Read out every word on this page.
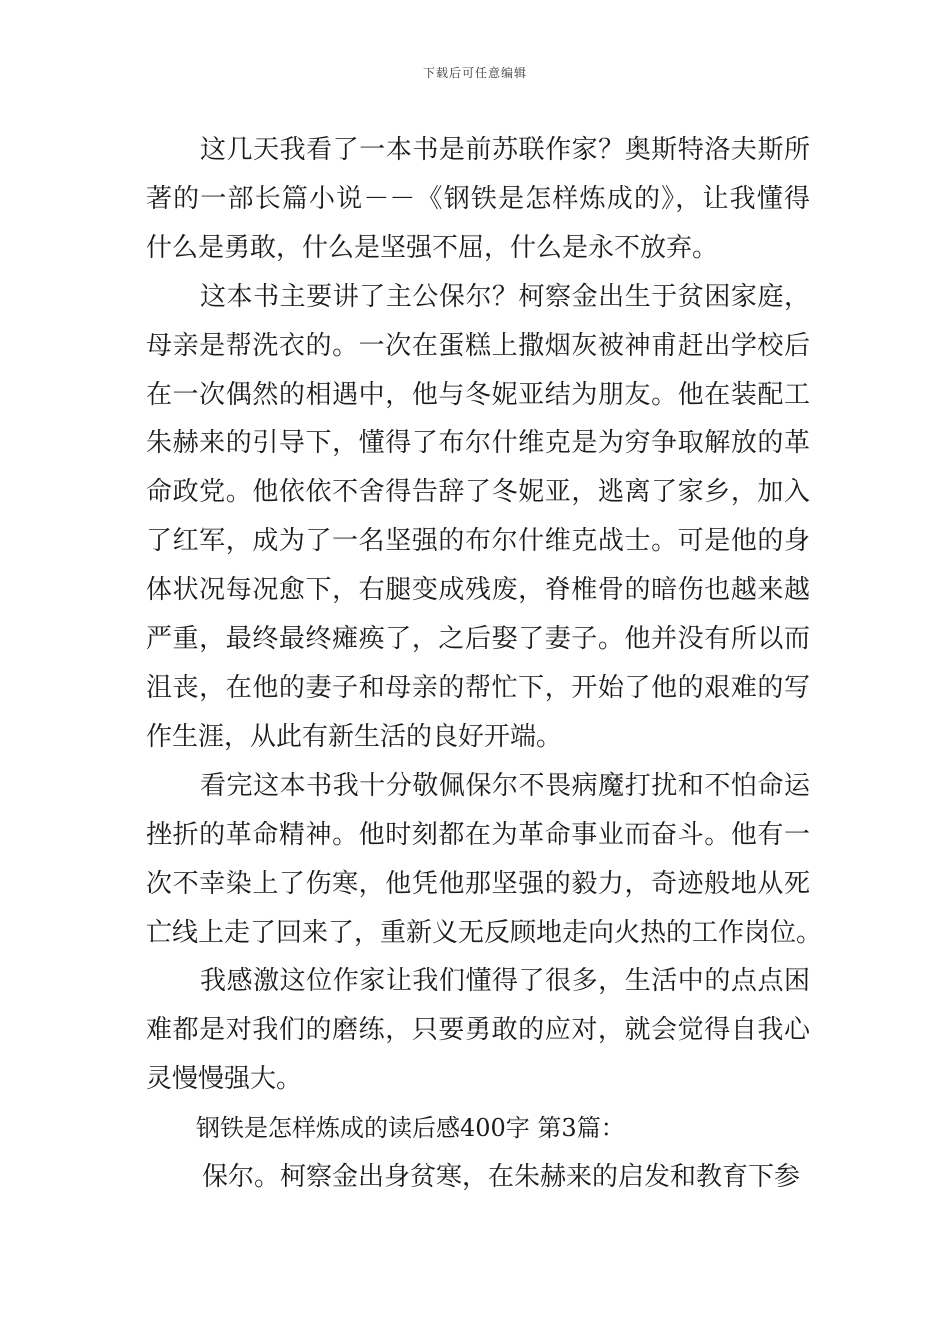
下载后可任意编辑

这几天我看了一本书是前苏联作家？奥斯特洛夫斯所
著的一部长篇小说－－《钢铁是怎样炼成的》，让我懂得
什么是勇敢，什么是坚强不屈，什么是永不放弃。

这本书主要讲了主公保尔？柯察金出生于贫困家庭，
母亲是帮洗衣的。一次在蛋糕上撒烟灰被神甫赶出学校后
在一次偶然的相遇中，他与冬妮亚结为朋友。他在装配工
朱赫来的引导下，懂得了布尔什维克是为穷争取解放的革
命政党。他依依不舍得告辞了冬妮亚，逃离了家乡，加入
了红军，成为了一名坚强的布尔什维克战士。可是他的身
体状况每况愈下，右腿变成残废，脊椎骨的暗伤也越来越
严重，最终最终瘫痪了，之后娶了妻子。他并没有所以而
沮丧，在他的妻子和母亲的帮忙下，开始了他的艰难的写
作生涯，从此有新生活的良好开端。

看完这本书我十分敬佩保尔不畏病魔打扰和不怕命运
挫折的革命精神。他时刻都在为革命事业而奋斗。他有一
次不幸染上了伤寒，他凭他那坚强的毅力，奇迹般地从死
亡线上走了回来了，重新义无反顾地走向火热的工作岗位。

我感激这位作家让我们懂得了很多，生活中的点点困
难都是对我们的磨练，只要勇敢的应对，就会觉得自我心
灵慢慢强大。

钢铁是怎样炼成的读后感400字 第3篇：

保尔。柯察金出身贫寒，在朱赫来的启发和教育下参
